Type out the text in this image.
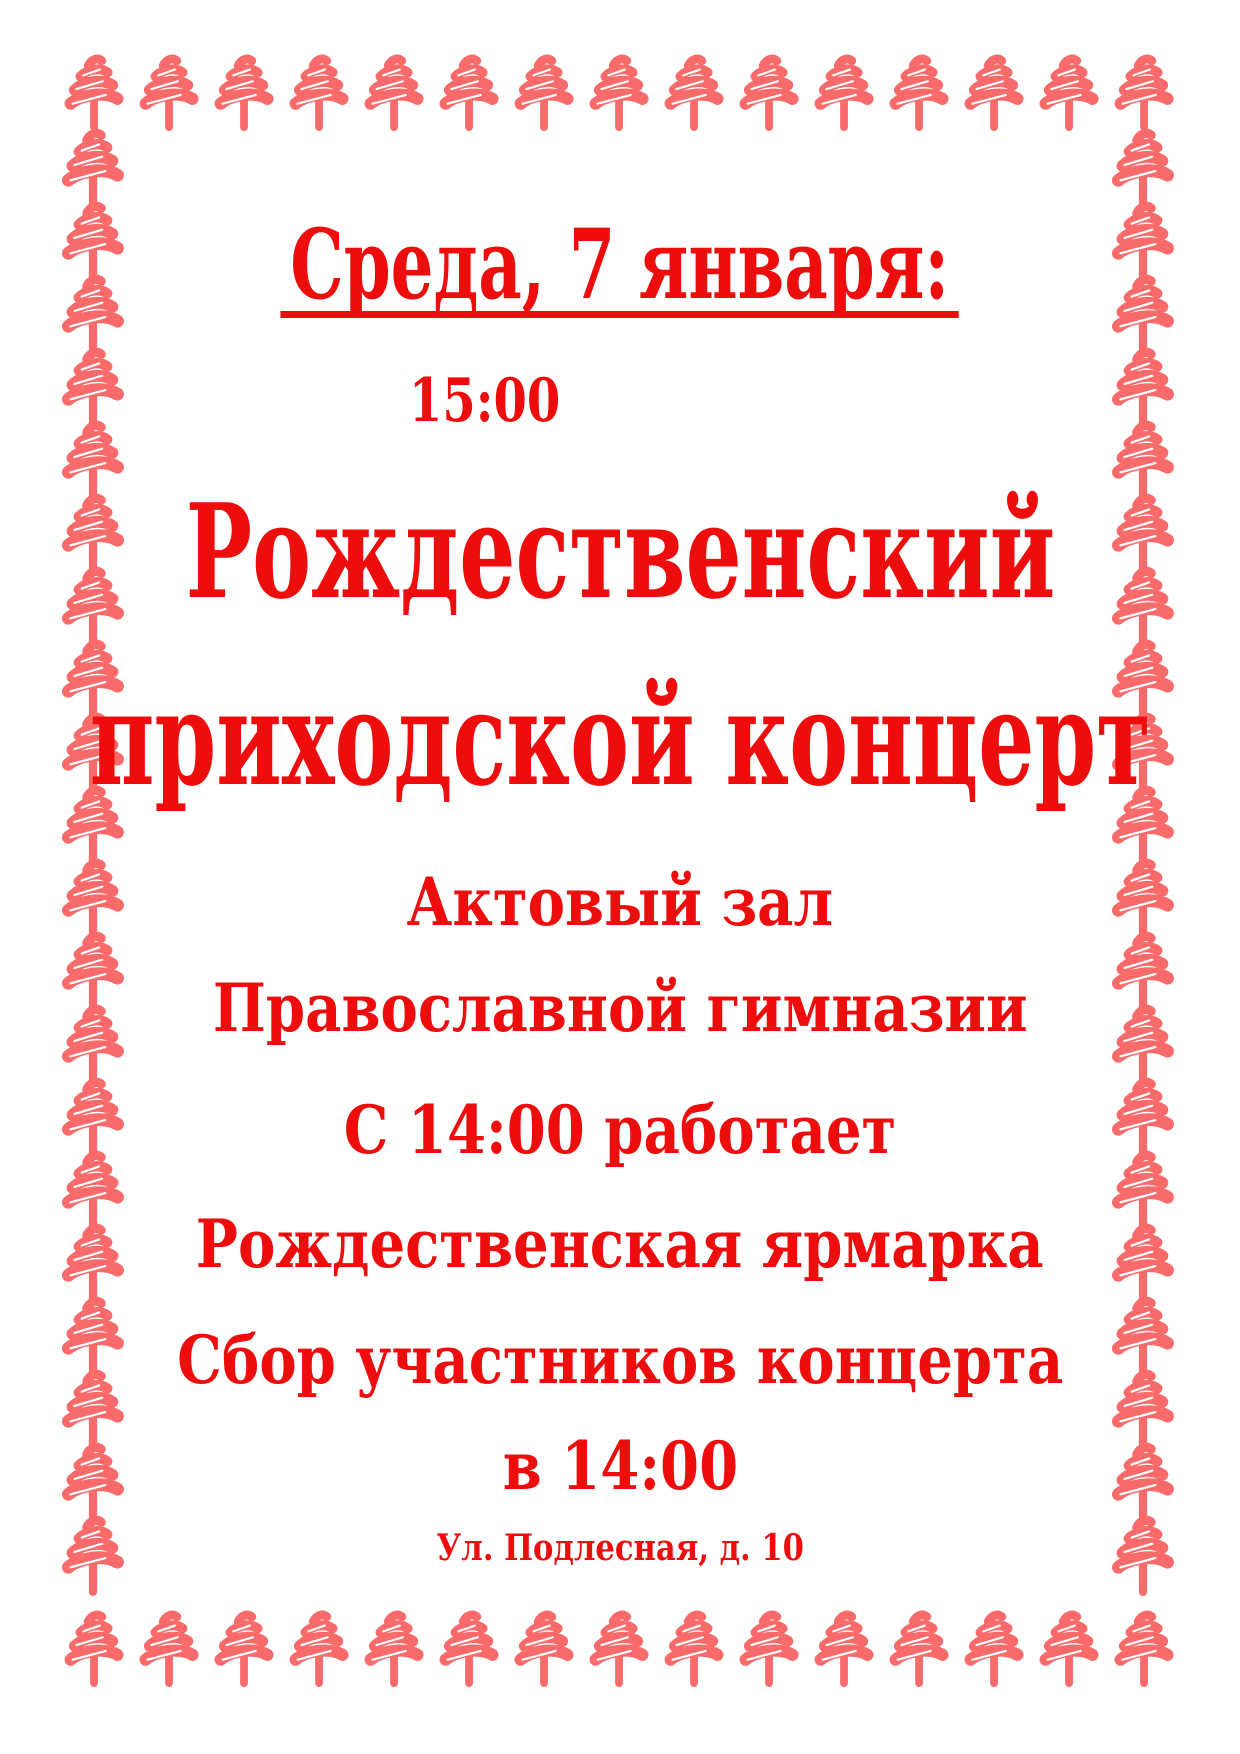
Среда, 7 января:
15:00
Рождественский
приходской концерт
Актовый зал
Православной гимназии
С 14:00 работает
Рождественская ярмарка
Сбор участников концерта
в 14:00
Ул. Подлесная, д. 10
